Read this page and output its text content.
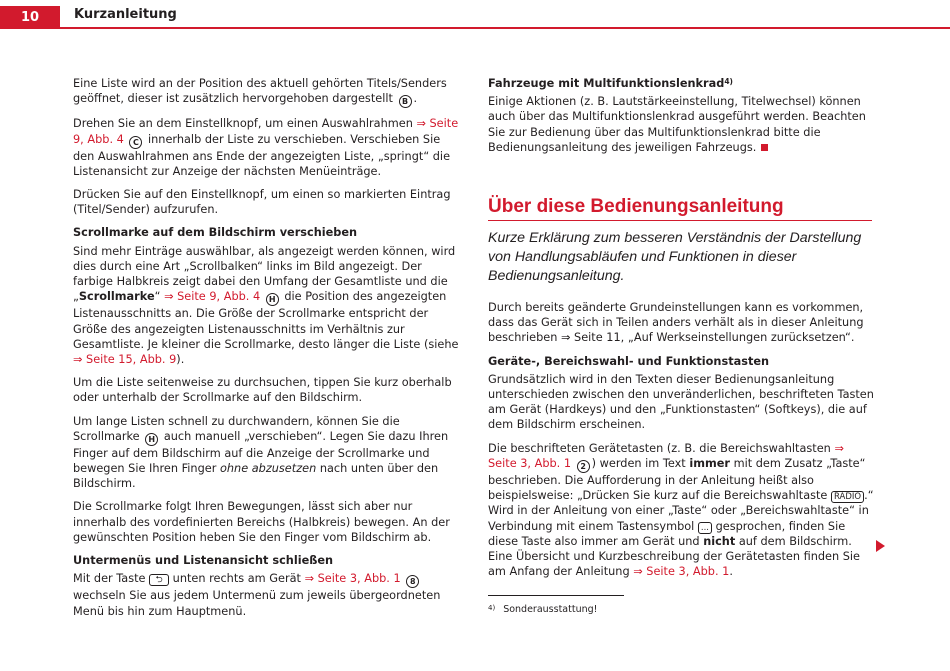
10	Kurzanleitung

Eine Liste wird an der Position des aktuell gehörten Titels/Senders geöffnet, dieser ist zusätzlich hervorgehoben dargestellt B .

Drehen Sie an dem Einstellknopf, um einen Auswahlrahmen ⇒ Seite 9, Abb. 4 C innerhalb der Liste zu verschieben. Verschieben Sie den Auswahlrahmen ans Ende der angezeigten Liste, „springt“ die Listenansicht zur Anzeige der nächsten Menüeinträge.

Drücken Sie auf den Einstellknopf, um einen so markierten Eintrag (Titel/Sender) aufzurufen.

Scrollmarke auf dem Bildschirm verschieben

Sind mehr Einträge auswählbar, als angezeigt werden können, wird dies durch eine Art „Scrollbalken“ links im Bild angezeigt. Der farbige Halbkreis zeigt dabei den Umfang der Gesamtliste und die „Scrollmarke“ ⇒ Seite 9, Abb. 4 H die Position des angezeigten Listenausschnitts an. Die Größe der Scrollmarke entspricht der Größe des angezeigten Listenausschnitts im Verhältnis zur Gesamtliste. Je kleiner die Scrollmarke, desto länger die Liste (siehe ⇒ Seite 15, Abb. 9).

Um die Liste seitenweise zu durchsuchen, tippen Sie kurz oberhalb oder unterhalb der Scrollmarke auf den Bildschirm.

Um lange Listen schnell zu durchwandern, können Sie die Scrollmarke H auch manuell „verschieben“. Legen Sie dazu Ihren Finger auf dem Bildschirm auf die Anzeige der Scrollmarke und bewegen Sie Ihren Finger ohne abzusetzen nach unten über den Bildschirm.

Die Scrollmarke folgt Ihren Bewegungen, lässt sich aber nur innerhalb des vordefinierten Bereichs (Halbkreis) bewegen. An der gewünschten Position heben Sie den Finger vom Bildschirm ab.

Untermenüs und Listenansicht schließen

Mit der Taste ⮌ unten rechts am Gerät ⇒ Seite 3, Abb. 1 8 wechseln Sie aus jedem Untermenü zum jeweils übergeordneten Menü bis hin zum Hauptmenü.

Fahrzeuge mit Multifunktionslenkrad$^{4)}$

Einige Aktionen (z. B. Lautstärkeeinstellung, Titelwechsel) können auch über das Multifunktionslenkrad ausgeführt werden. Beachten Sie zur Bedienung über das Multifunktionslenkrad bitte die Bedienungsanleitung des jeweiligen Fahrzeugs.

Über diese Bedienungsanleitung
Kurze Erklärung zum besseren Verständnis der Darstellung von Handlungsabläufen und Funktionen in dieser Bedienungsanleitung.

Durch bereits geänderte Grundeinstellungen kann es vorkommen, dass das Gerät sich in Teilen anders verhält als in dieser Anleitung beschrieben ⇒ Seite 11, „Auf Werkseinstellungen zurücksetzen“.

Geräte-, Bereichswahl- und Funktionstasten

Grundsätzlich wird in den Texten dieser Bedienungsanleitung unterschieden zwischen den unveränderlichen, beschrifteten Tasten am Gerät (Hardkeys) und den „Funktionstasten“ (Softkeys), die auf dem Bildschirm erscheinen.

Die beschrifteten Gerätetasten (z. B. die Bereichswahltasten ⇒ Seite 3, Abb. 1 2 ) werden im Text immer mit dem Zusatz „Taste“ beschrieben. Die Aufforderung in der Anleitung heißt also beispielsweise: „Drücken Sie kurz auf die Bereichswahltaste RADIO .“ Wird in der Anleitung von einer „Taste“ oder „Bereichswahltaste“ in Verbindung mit einem Tastensymbol ... gesprochen, finden Sie diese Taste also immer am Gerät und nicht auf dem Bildschirm. Eine Übersicht und Kurzbeschreibung der Gerätetasten finden Sie am Anfang der Anleitung ⇒ Seite 3, Abb. 1.

$^{4)}$ Sonderausstattung!
